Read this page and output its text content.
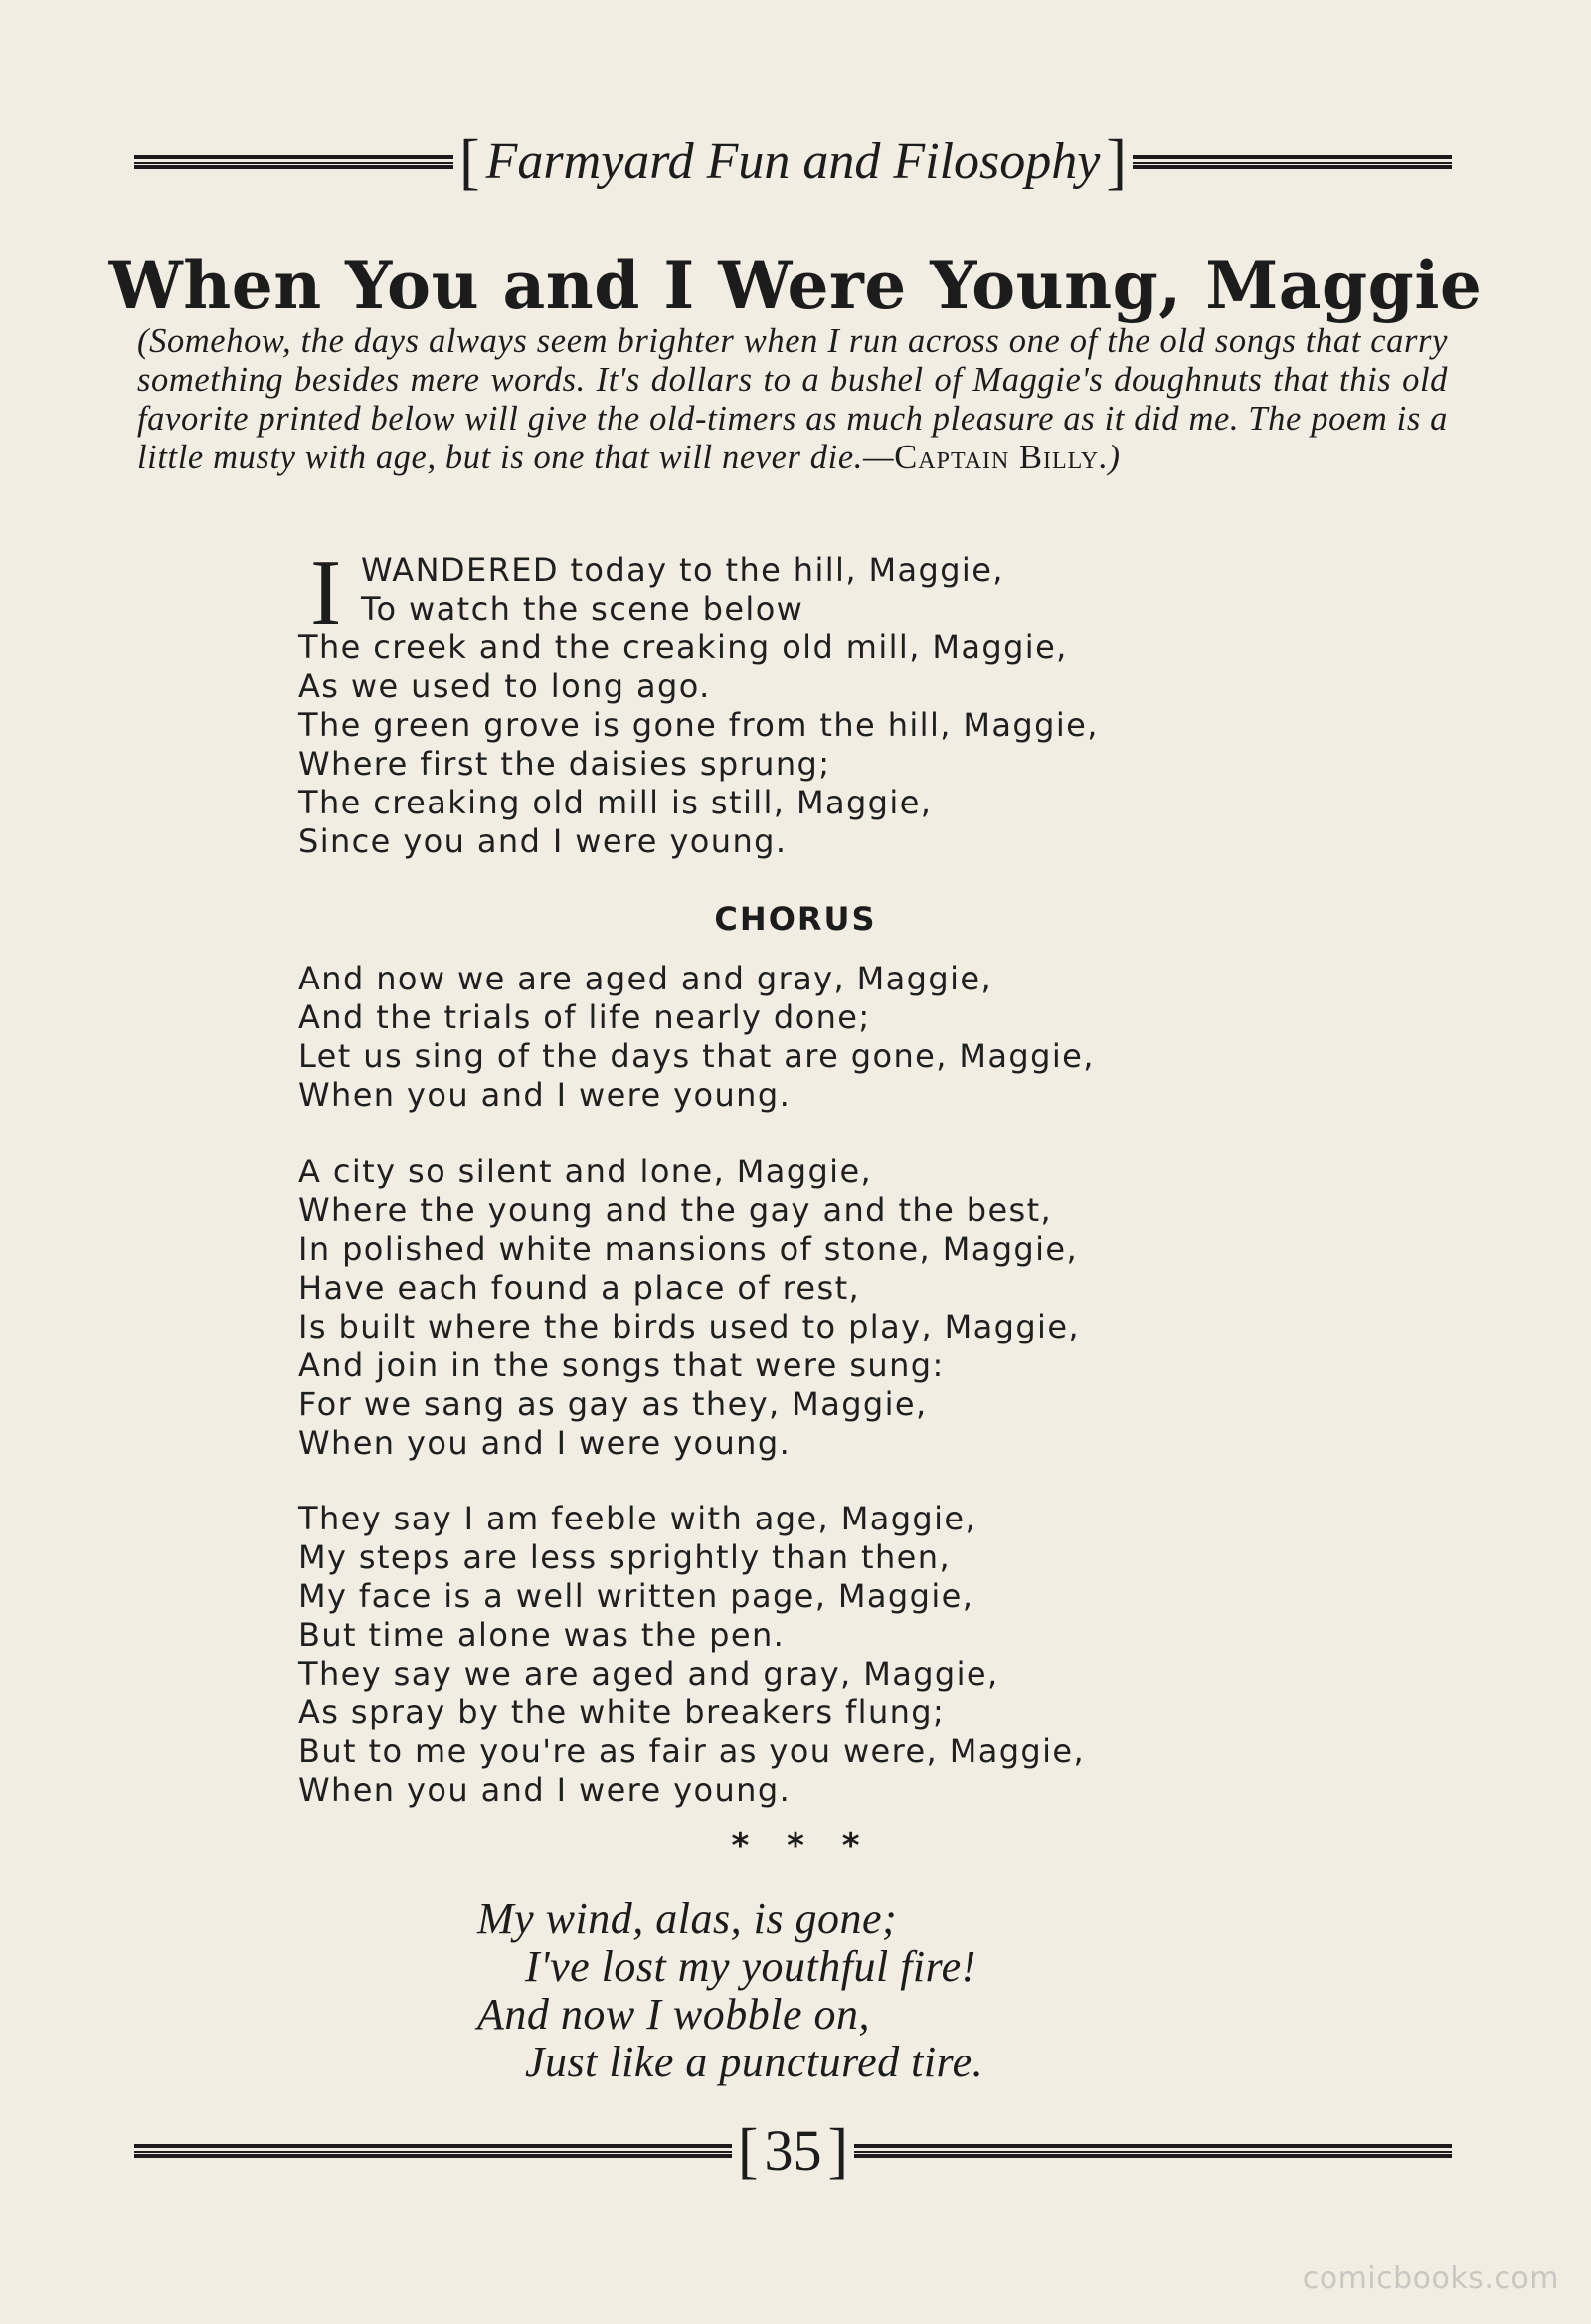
[ Farmyard Fun and Filosophy ]
When You and I Were Young, Maggie
(Somehow, the days always seem brighter when I run across one of the old songs that carry something besides mere words. It's dollars to a bushel of Maggie's doughnuts that this old favorite printed below will give the old-timers as much pleasure as it did me. The poem is a little musty with age, but is one that will never die.—Captain Billy.)
I WANDERED today to the hill, Maggie,
To watch the scene below
The creek and the creaking old mill, Maggie,
As we used to long ago.
The green grove is gone from the hill, Maggie,
Where first the daisies sprung;
The creaking old mill is still, Maggie,
Since you and I were young.
CHORUS
And now we are aged and gray, Maggie,
And the trials of life nearly done;
Let us sing of the days that are gone, Maggie,
When you and I were young.
A city so silent and lone, Maggie,
Where the young and the gay and the best,
In polished white mansions of stone, Maggie,
Have each found a place of rest,
Is built where the birds used to play, Maggie,
And join in the songs that were sung:
For we sang as gay as they, Maggie,
When you and I were young.
They say I am feeble with age, Maggie,
My steps are less sprightly than then,
My face is a well written page, Maggie,
But time alone was the pen.
They say we are aged and gray, Maggie,
As spray by the white breakers flung;
But to me you're as fair as you were, Maggie,
When you and I were young.
* * *
My wind, alas, is gone;
I've lost my youthful fire!
And now I wobble on,
Just like a punctured tire.
[ 35 ]
comicbooks.com
